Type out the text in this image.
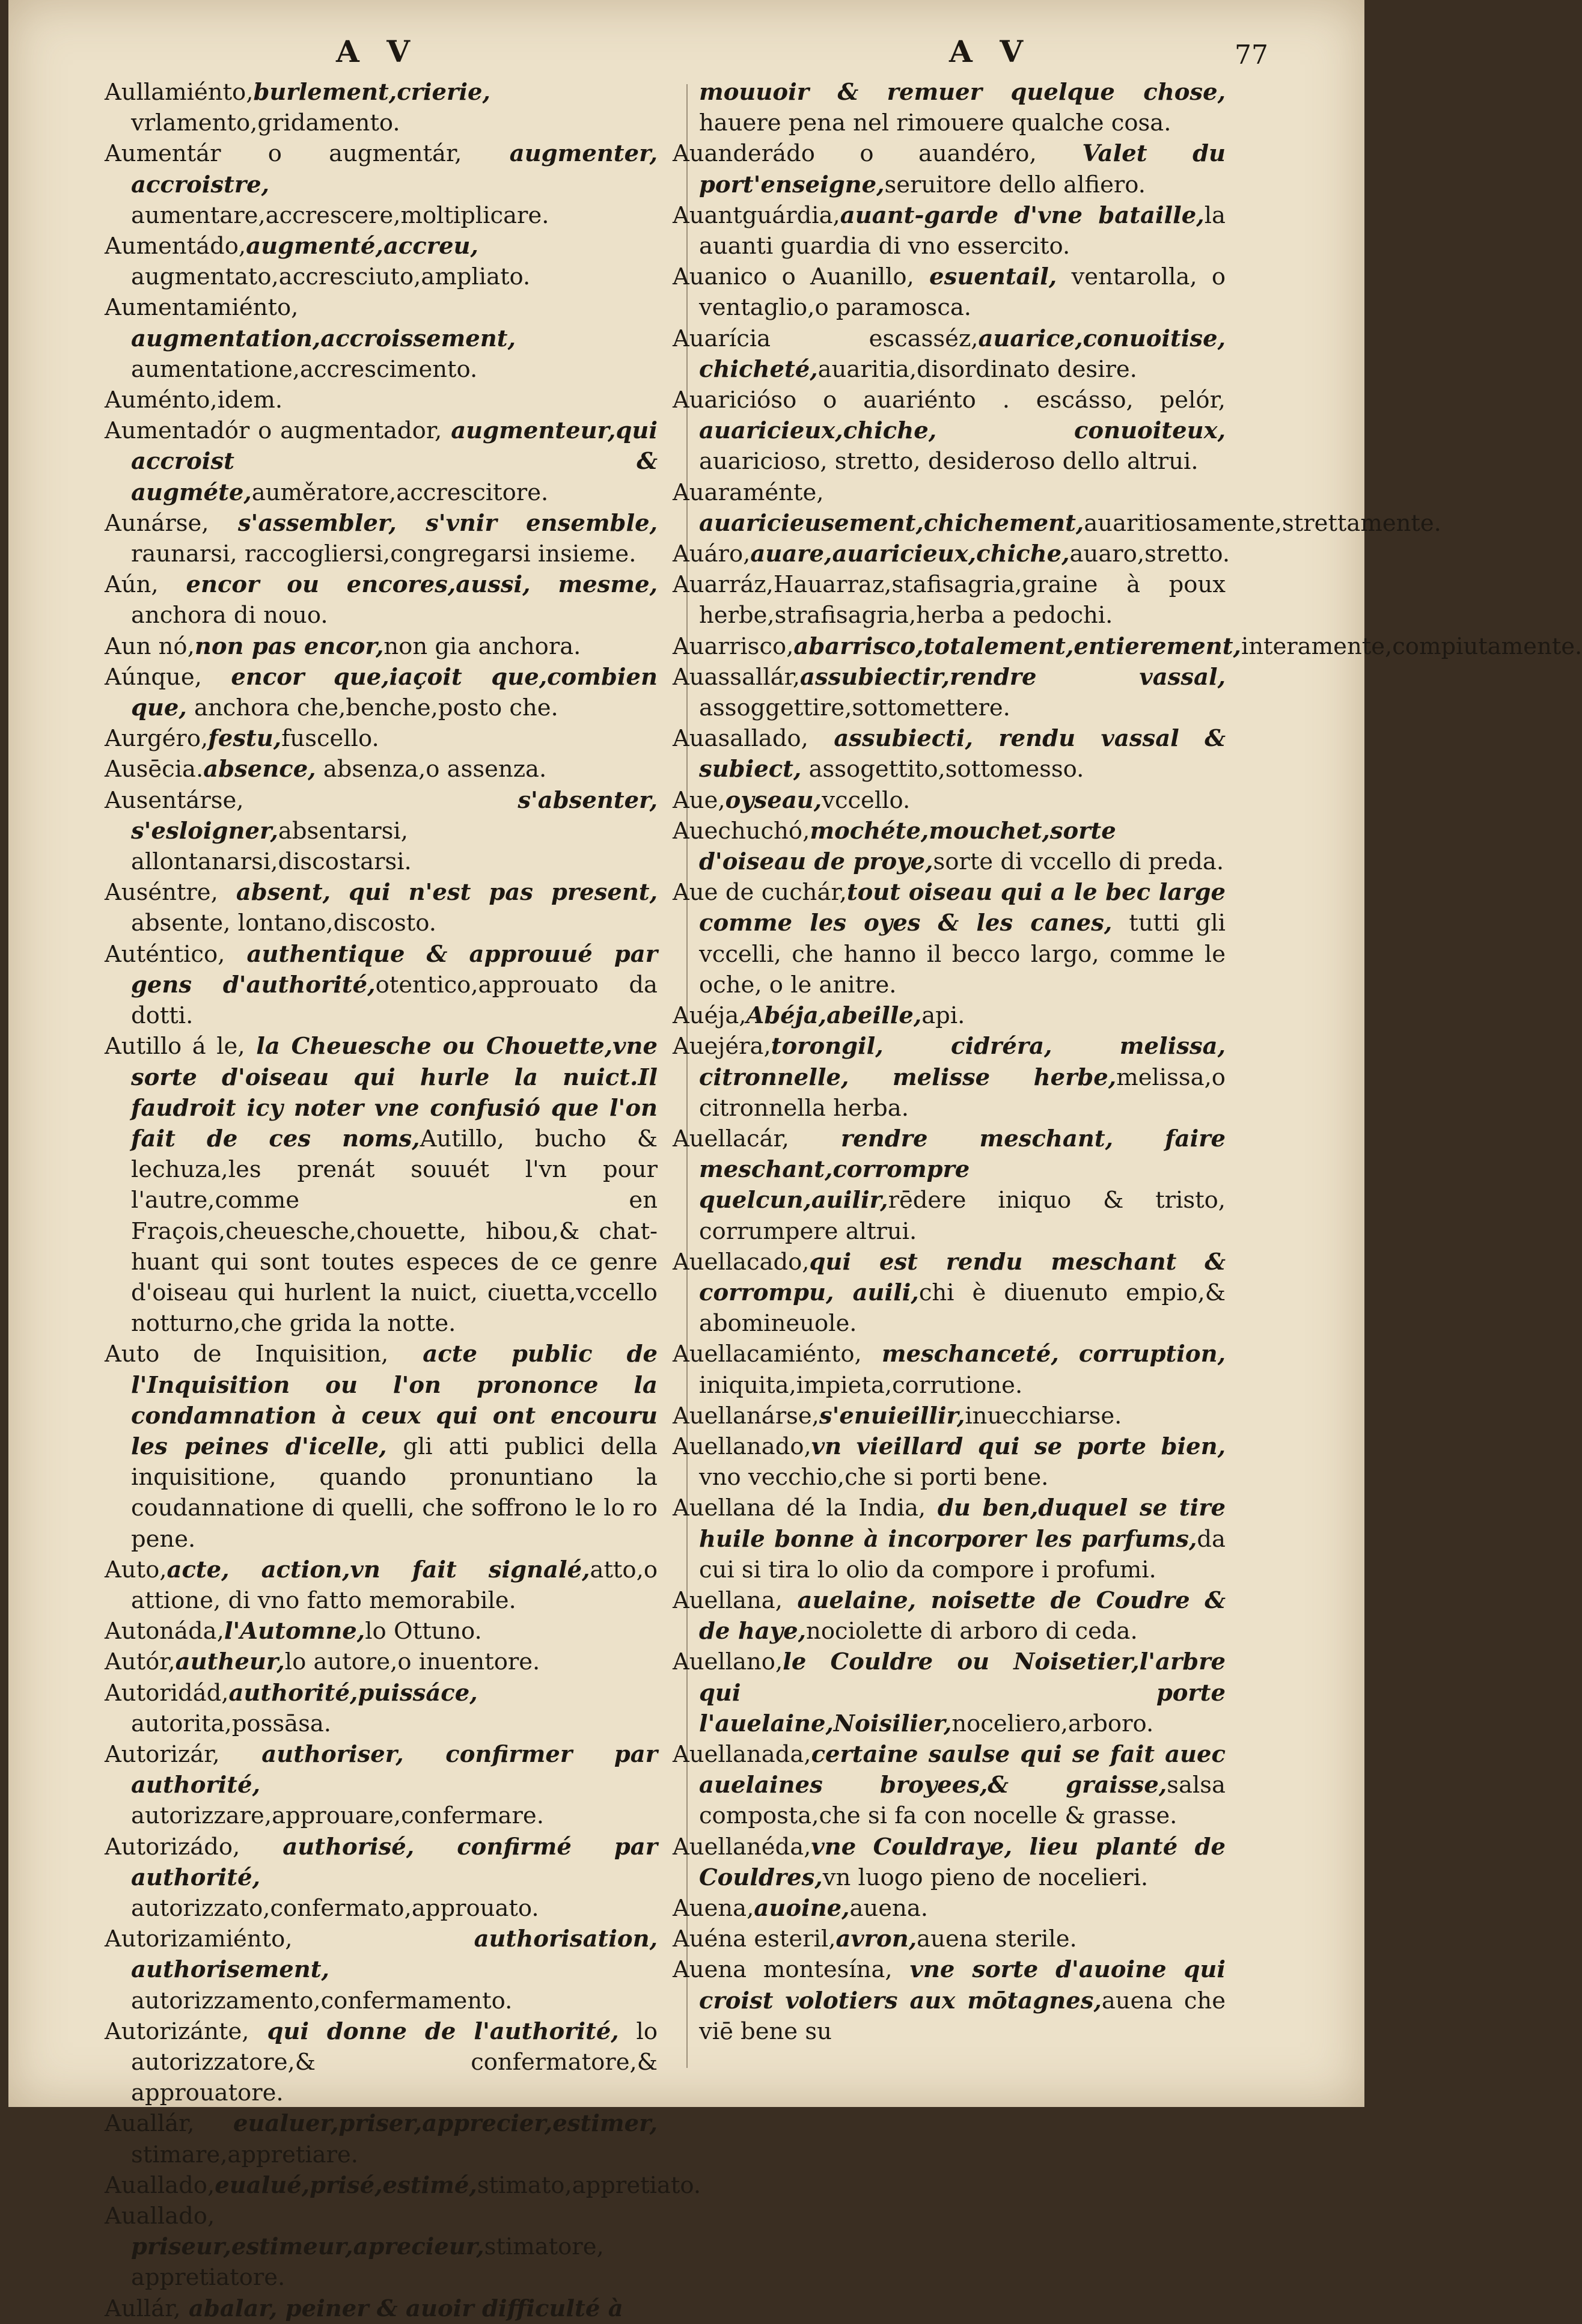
A V	A V	77

Aullamiénto,burlement,crierie, vrlamento,gridamento.

Aumentár o augmentár, augmenter, accroistre, aumentare,accrescere,moltiplicare.

Aumentádo,augmenté,accreu, augmentato,accresciuto,ampliato.

Aumentamiénto, augmentation,accroissement, aumentatione,accrescimento.

Auménto,idem.

Aumentadór o augmentador, augmenteur,qui accroist & augméte,auměratore,accrescitore.

Aunárse, s'assembler, s'vnir ensemble, raunarsi, raccogliersi,congregarsi insieme.

Aún, encor ou encores,aussi, mesme, anchora di nouo.

Aun nó,non pas encor,non gia anchora.

Aúnque, encor que,iaçoit que,combien que, anchora che,benche,posto che.

Aurgéro,festu,fuscello.

Ausēcia.absence, absenza,o assenza.

Ausentárse, s'absenter, s'esloigner,absentarsi, allontanarsi,discostarsi.

Auséntre, absent, qui n'est pas present, absente, lontano,discosto.

Auténtico, authentique & approuué par gens d'authorité,otentico,approuato da dotti.

Autillo á le, la Cheuesche ou Chouette,vne sorte d'oiseau qui hurle la nuict.Il faudroit icy noter vne confusió que l'on fait de ces noms,Autillo, bucho & lechuza,les prenát souuét l'vn pour l'autre,comme en Fraçois,cheuesche,chouette, hibou,& chat-huant qui sont toutes especes de ce genre d'oiseau qui hurlent la nuict, ciuetta,vccello notturno,che grida la notte.

Auto de Inquisition, acte public de l'Inquisition ou l'on prononce la condamnation à ceux qui ont encouru les peines d'icelle, gli atti publici della inquisitione, quando pronuntiano la coudannatione di quelli, che soffrono le lo ro pene.

Auto,acte, action,vn fait signalé,atto,o attione, di vno fatto memorabile.

Autonáda,l'Automne,lo Ottuno.

Autór,autheur,lo autore,o inuentore.

Autoridád,authorité,puissáce, autorita,possāsa.

Autorizár, authoriser, confirmer par authorité, autorizzare,approuare,confermare.

Autorizádo, authorisé, confirmé par authorité, autorizzato,confermato,approuato.

Autorizamiénto, authorisation, authorisement, autorizzamento,confermamento.

Autorizánte, qui donne de l'authorité, lo autorizzatore,& confermatore,& approuatore.

Auallár, eualuer,priser,apprecier,estimer, stimare,appretiare.

Auallado,eualué,prisé,estimé,stimato,appretiato.

Auallado, priseur,estimeur,aprecieur,stimatore, appretiatore.

Aullár, abalar, peiner & auoir difficulté à

mouuoir & remuer quelque chose, hauere pena nel rimouere qualche cosa.

Auanderádo o auandéro, Valet du port'enseigne,seruitore dello alfiero.

Auantguárdia,auant-garde d'vne bataille,la auanti guardia di vno essercito.

Auanico o Auanillo, esuentail, ventarolla, o ventaglio,o paramosca.

Auarícia escasséz,auarice,conuoitise, chicheté,auaritia,disordinato desire.

Auaricióso o auariénto . escásso, pelór, auaricieux,chiche, conuoiteux, auaricioso, stretto, desideroso dello altrui.

Auaraménte, auaricieusement,chichement,auaritiosamente,strettamente.

Auáro,auare,auaricieux,chiche,auaro,stretto.

Auarráz,Hauarraz,stafisagria,graine à poux herbe,strafisagria,herba a pedochi.

Auarrisco,abarrisco,totalement,entierement,interamente,compiutamente.

Auassallár,assubiectir,rendre vassal, assoggettire,sottomettere.

Auasallado, assubiecti, rendu vassal & subiect, assogettito,sottomesso.

Aue,oyseau,vccello.

Auechuchó,mochéte,mouchet,sorte d'oiseau de proye,sorte di vccello di preda.

Aue de cuchár,tout oiseau qui a le bec large comme les oyes & les canes, tutti gli vccelli, che hanno il becco largo, comme le oche, o le anitre.

Auéja,Abéja,abeille,api.

Auejéra,torongil, cidréra, melissa, citronnelle, melisse herbe,melissa,o citronnella herba.

Auellacár, rendre meschant, faire meschant,corrompre quelcun,auilir,rēdere iniquo & tristo, corrumpere altrui.

Auellacado,qui est rendu meschant & corrompu, auili,chi è diuenuto empio,& abomineuole.

Auellacamiénto, meschanceté, corruption, iniquita,impieta,corrutione.

Auellanárse,s'enuieillir,inuecchiarse.

Auellanado,vn vieillard qui se porte bien, vno vecchio,che si porti bene.

Auellana dé la India, du ben,duquel se tire huile bonne à incorporer les parfums,da cui si tira lo olio da compore i profumi.

Auellana, auelaine, noisette de Coudre & de haye,nociolette di arboro di ceda.

Auellano,le Couldre ou Noisetier,l'arbre qui porte l'auelaine,Noisilier,noceliero,arboro.

Auellanada,certaine saulse qui se fait auec auelaines broyees,& graisse,salsa composta,che si fa con nocelle & grasse.

Auellanéda,vne Couldraye, lieu planté de Couldres,vn luogo pieno de nocelieri.

Auena,auoine,auena.

Auéna esteril,avron,auena sterile.

Auena montesína, vne sorte d'auoine qui croist volotiers aux mōtagnes,auena che viē bene su
